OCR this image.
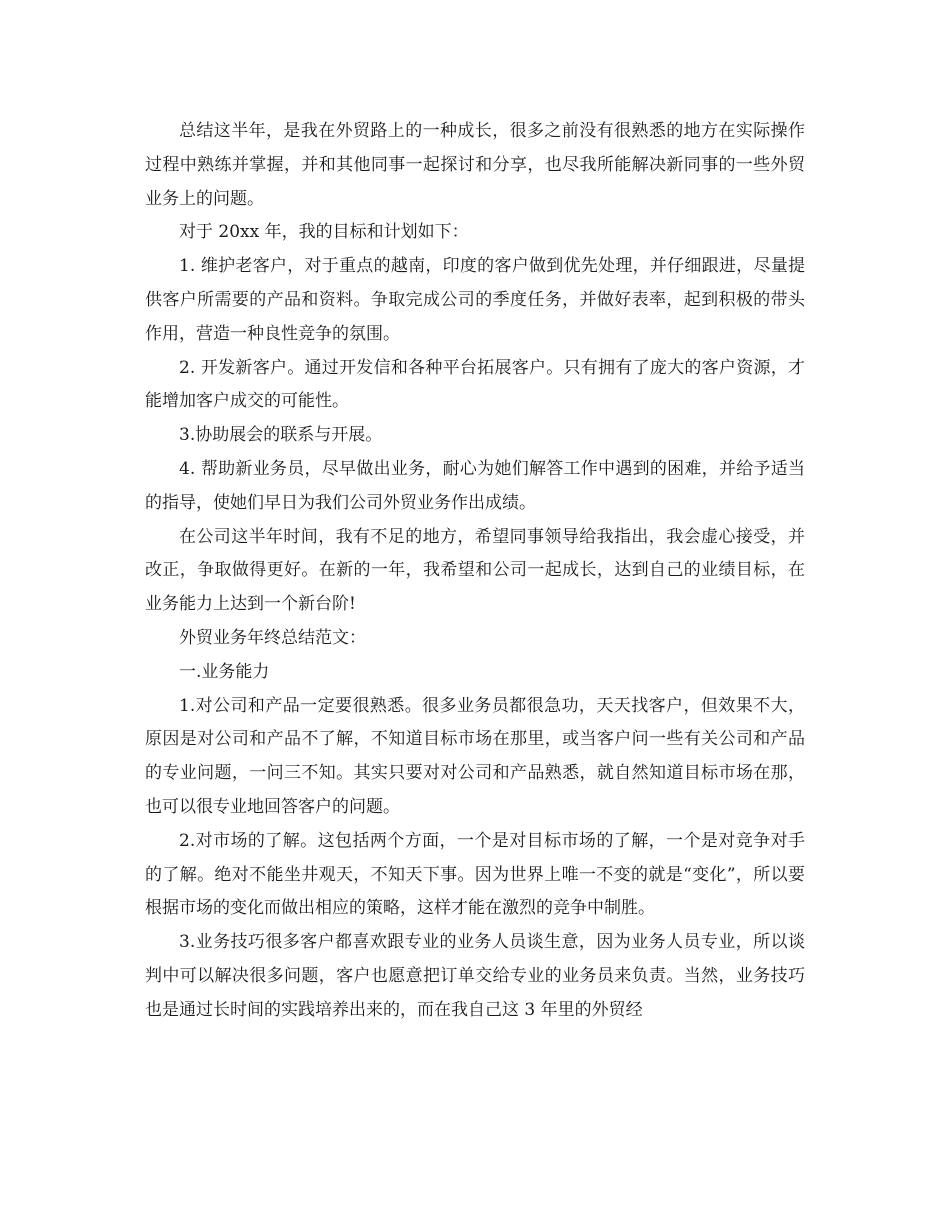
总结这半年，是我在外贸路上的一种成长，很多之前没有很熟悉的地方在实际操作过程中熟练并掌握，并和其他同事一起探讨和分享，也尽我所能解决新同事的一些外贸业务上的问题。

对于 20xx 年，我的目标和计划如下：

1. 维护老客户，对于重点的越南，印度的客户做到优先处理，并仔细跟进，尽量提供客户所需要的产品和资料。争取完成公司的季度任务，并做好表率，起到积极的带头作用，营造一种良性竞争的氛围。

2. 开发新客户。通过开发信和各种平台拓展客户。只有拥有了庞大的客户资源，才能增加客户成交的可能性。

3.协助展会的联系与开展。

4. 帮助新业务员，尽早做出业务，耐心为她们解答工作中遇到的困难，并给予适当的指导，使她们早日为我们公司外贸业务作出成绩。

在公司这半年时间，我有不足的地方，希望同事领导给我指出，我会虚心接受，并改正，争取做得更好。在新的一年，我希望和公司一起成长，达到自己的业绩目标，在业务能力上达到一个新台阶!

外贸业务年终总结范文：

一.业务能力

1.对公司和产品一定要很熟悉。很多业务员都很急功，天天找客户，但效果不大，原因是对公司和产品不了解，不知道目标市场在那里，或当客户问一些有关公司和产品的专业问题，一问三不知。其实只要对对公司和产品熟悉，就自然知道目标市场在那，也可以很专业地回答客户的问题。

2.对市场的了解。这包括两个方面，一个是对目标市场的了解，一个是对竞争对手的了解。绝对不能坐井观天，不知天下事。因为世界上唯一不变的就是“变化”，所以要根据市场的变化而做出相应的策略，这样才能在激烈的竞争中制胜。

3.业务技巧很多客户都喜欢跟专业的业务人员谈生意，因为业务人员专业，所以谈判中可以解决很多问题，客户也愿意把订单交给专业的业务员来负责。当然，业务技巧也是通过长时间的实践培养出来的，而在我自己这 3 年里的外贸经
